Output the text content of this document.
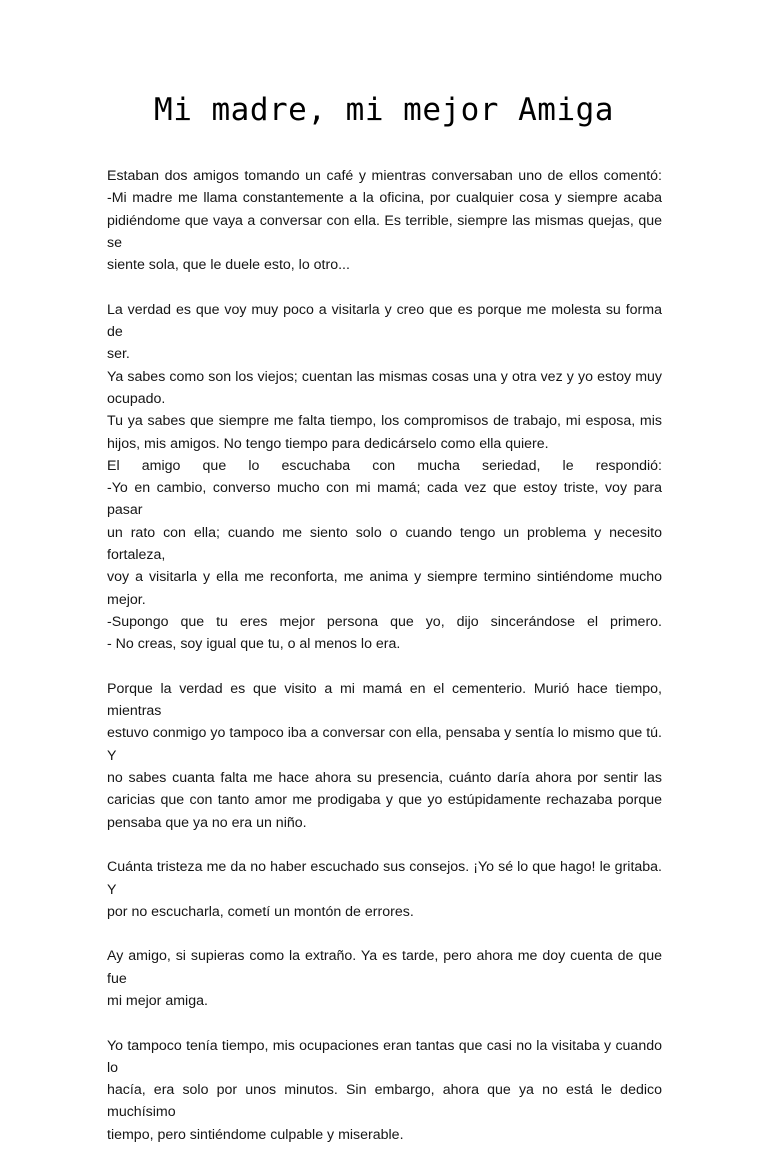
Mi madre, mi mejor Amiga

Estaban dos amigos tomando un café y mientras conversaban uno de ellos comentó:
-Mi madre me llama constantemente a la oficina, por cualquier cosa y siempre acaba
pidiéndome que vaya a conversar con ella. Es terrible, siempre las mismas quejas, que se
siente sola, que le duele esto, lo otro...

La verdad es que voy muy poco a visitarla y creo que es porque me molesta su forma de
ser.
Ya sabes como son los viejos; cuentan las mismas cosas una y otra vez y yo estoy muy
ocupado.
Tu ya sabes que siempre me falta tiempo, los compromisos de trabajo, mi esposa, mis
hijos, mis amigos. No tengo tiempo para dedicárselo como ella quiere.
El amigo que lo escuchaba con mucha seriedad, le respondió:
-Yo en cambio, converso mucho con mi mamá; cada vez que estoy triste, voy para pasar
un rato con ella; cuando me siento solo o cuando tengo un problema y necesito fortaleza,
voy a visitarla y ella me reconforta, me anima y siempre termino sintiéndome mucho
mejor.
-Supongo que tu eres mejor persona que yo, dijo sincerándose el primero.
- No creas, soy igual que tu, o al menos lo era.

Porque la verdad es que visito a mi mamá en el cementerio. Murió hace tiempo, mientras
estuvo conmigo yo tampoco iba a conversar con ella, pensaba y sentía lo mismo que tú. Y
no sabes cuanta falta me hace ahora su presencia, cuánto daría ahora por sentir las
caricias que con tanto amor me prodigaba y que yo estúpidamente rechazaba porque
pensaba que ya no era un niño.

Cuánta tristeza me da no haber escuchado sus consejos. ¡Yo sé lo que hago! le gritaba. Y
por no escucharla, cometí un montón de errores.

Ay amigo, si supieras como la extraño. Ya es tarde, pero ahora me doy cuenta de que fue
mi mejor amiga.

Yo tampoco tenía tiempo, mis ocupaciones eran tantas que casi no la visitaba y cuando lo
hacía, era solo por unos minutos. Sin embargo, ahora que ya no está le dedico muchísimo
tiempo, pero sintiéndome culpable y miserable.
